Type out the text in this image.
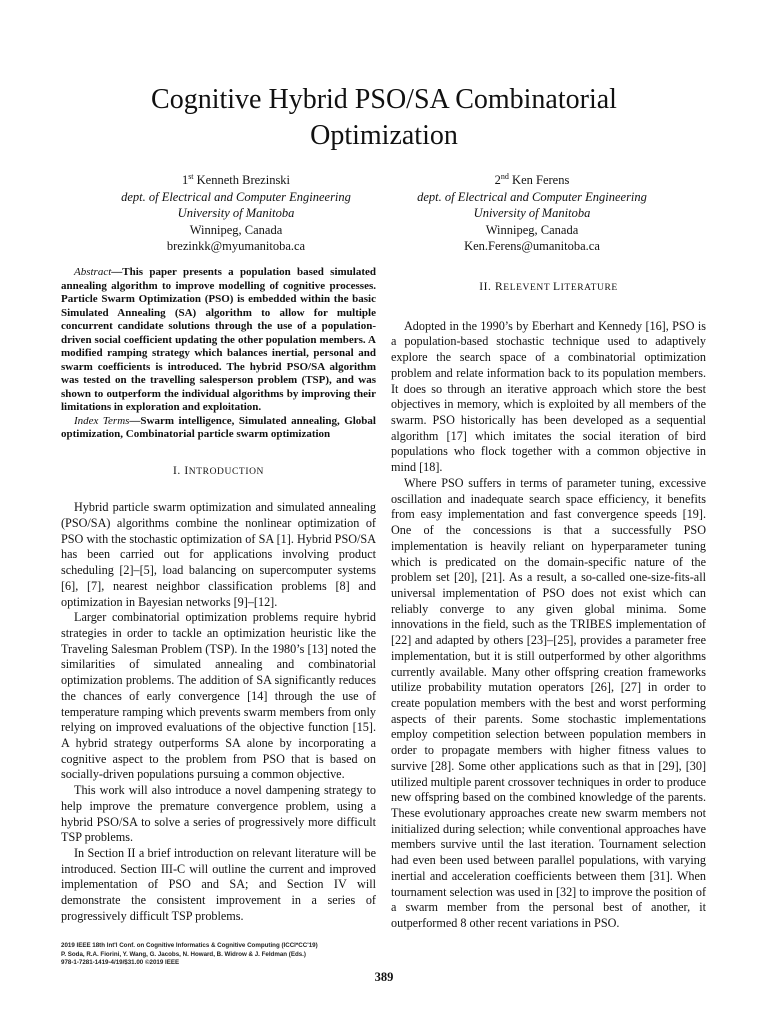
Cognitive Hybrid PSO/SA Combinatorial
Optimization
1st Kenneth Brezinski
dept. of Electrical and Computer Engineering
University of Manitoba
Winnipeg, Canada
brezinkk@myumanitoba.ca
2nd Ken Ferens
dept. of Electrical and Computer Engineering
University of Manitoba
Winnipeg, Canada
Ken.Ferens@umanitoba.ca

Abstract—This paper presents a population based simulated annealing algorithm to improve modelling of cognitive processes. Particle Swarm Optimization (PSO) is embedded within the basic Simulated Annealing (SA) algorithm to allow for multiple concurrent candidate solutions through the use of a population-driven social coefficient updating the other population members. A modified ramping strategy which balances inertial, personal and swarm coefficients is introduced. The hybrid PSO/SA algorithm was tested on the travelling salesperson problem (TSP), and was shown to outperform the individual algorithms by improving their limitations in exploration and exploitation.

Index Terms—Swarm intelligence, Simulated annealing, Global optimization, Combinatorial particle swarm optimization

I. INTRODUCTION

Hybrid particle swarm optimization and simulated annealing (PSO/SA) algorithms combine the nonlinear optimization of PSO with the stochastic optimization of SA [1]. Hybrid PSO/SA has been carried out for applications involving product scheduling [2]–[5], load balancing on supercomputer systems [6], [7], nearest neighbor classification problems [8] and optimization in Bayesian networks [9]–[12].

Larger combinatorial optimization problems require hybrid strategies in order to tackle an optimization heuristic like the Traveling Salesman Problem (TSP). In the 1980’s [13] noted the similarities of simulated annealing and combinatorial optimization problems. The addition of SA significantly reduces the chances of early convergence [14] through the use of temperature ramping which prevents swarm members from only relying on improved evaluations of the objective function [15]. A hybrid strategy outperforms SA alone by incorporating a cognitive aspect to the problem from PSO that is based on socially-driven populations pursuing a common objective.

This work will also introduce a novel dampening strategy to help improve the premature convergence problem, using a hybrid PSO/SA to solve a series of progressively more difficult TSP problems.

In Section II a brief introduction on relevant literature will be introduced. Section III-C will outline the current and improved implementation of PSO and SA; and Section IV will demonstrate the consistent improvement in a series of progressively difficult TSP problems.

II. RELEVENT LITERATURE

Adopted in the 1990’s by Eberhart and Kennedy [16], PSO is a population-based stochastic technique used to adaptively explore the search space of a combinatorial optimization problem and relate information back to its population members. It does so through an iterative approach which store the best objectives in memory, which is exploited by all members of the swarm. PSO historically has been developed as a sequential algorithm [17] which imitates the social iteration of bird populations who flock together with a common objective in mind [18].

Where PSO suffers in terms of parameter tuning, excessive oscillation and inadequate search space efficiency, it benefits from easy implementation and fast convergence speeds [19]. One of the concessions is that a successfully PSO implementation is heavily reliant on hyperparameter tuning which is predicated on the domain-specific nature of the problem set [20], [21]. As a result, a so-called one-size-fits-all universal implementation of PSO does not exist which can reliably converge to any given global minima. Some innovations in the field, such as the TRIBES implementation of [22] and adapted by others [23]–[25], provides a parameter free implementation, but it is still outperformed by other algorithms currently available. Many other offspring creation frameworks utilize probability mutation operators [26], [27] in order to create population members with the best and worst performing aspects of their parents. Some stochastic implementations employ competition selection between population members in order to propagate members with higher fitness values to survive [28]. Some other applications such as that in [29], [30] utilized multiple parent crossover techniques in order to produce new offspring based on the combined knowledge of the parents. These evolutionary approaches create new swarm members not initialized during selection; while conventional approaches have members survive until the last iteration. Tournament selection had even been used between parallel populations, with varying inertial and acceleration coefficients between them [31]. When tournament selection was used in [32] to improve the position of a swarm member from the personal best of another, it outperformed 8 other recent variations in PSO.

2019 IEEE 18th Int'l Conf. on Cognitive Informatics & Cognitive Computing (ICCI*CC'19)
P. Soda, R.A. Fiorini, Y. Wang, G. Jacobs, N. Howard, B. Widrow & J. Feldman (Eds.)
978-1-7281-1419-4/19/$31.00 ©2019 IEEE
389
